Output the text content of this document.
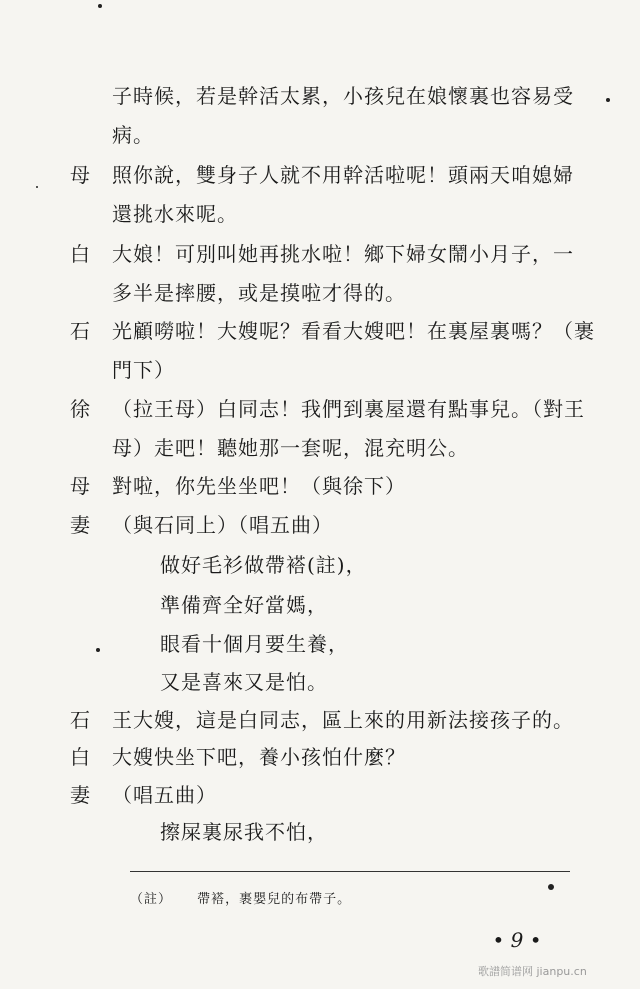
子時候，若是幹活太累，小孩兒在娘懷裏也容易受
病。
母	照你說，雙身子人就不用幹活啦呢！頭兩天咱媳婦
還挑水來呢。
白	大娘！可別叫她再挑水啦！鄉下婦女鬧小月子，一
多半是摔腰，或是摸啦才得的。
石	光顧嘮啦！大嫂呢？看看大嫂吧！在裏屋裏嗎？（裹
門下）
徐	（拉王母）白同志！我們到裏屋還有點事兒。（對王
母）走吧！聽她那一套呢，混充明公。
母	對啦，你先坐坐吧！（與徐下）
妻	（與石同上）（唱五曲）
做好毛衫做帶褡(註)，
準備齊全好當媽，
眼看十個月要生養，
又是喜來又是怕。
石	王大嫂，這是白同志，區上來的用新法接孩子的。
白	大嫂快坐下吧，養小孩怕什麼？
妻	（唱五曲）
擦屎裏尿我不怕，
（註） 帶褡，裹嬰兒的布帶子。
• 9 •
歌譜简谱网 jianpu.cn
